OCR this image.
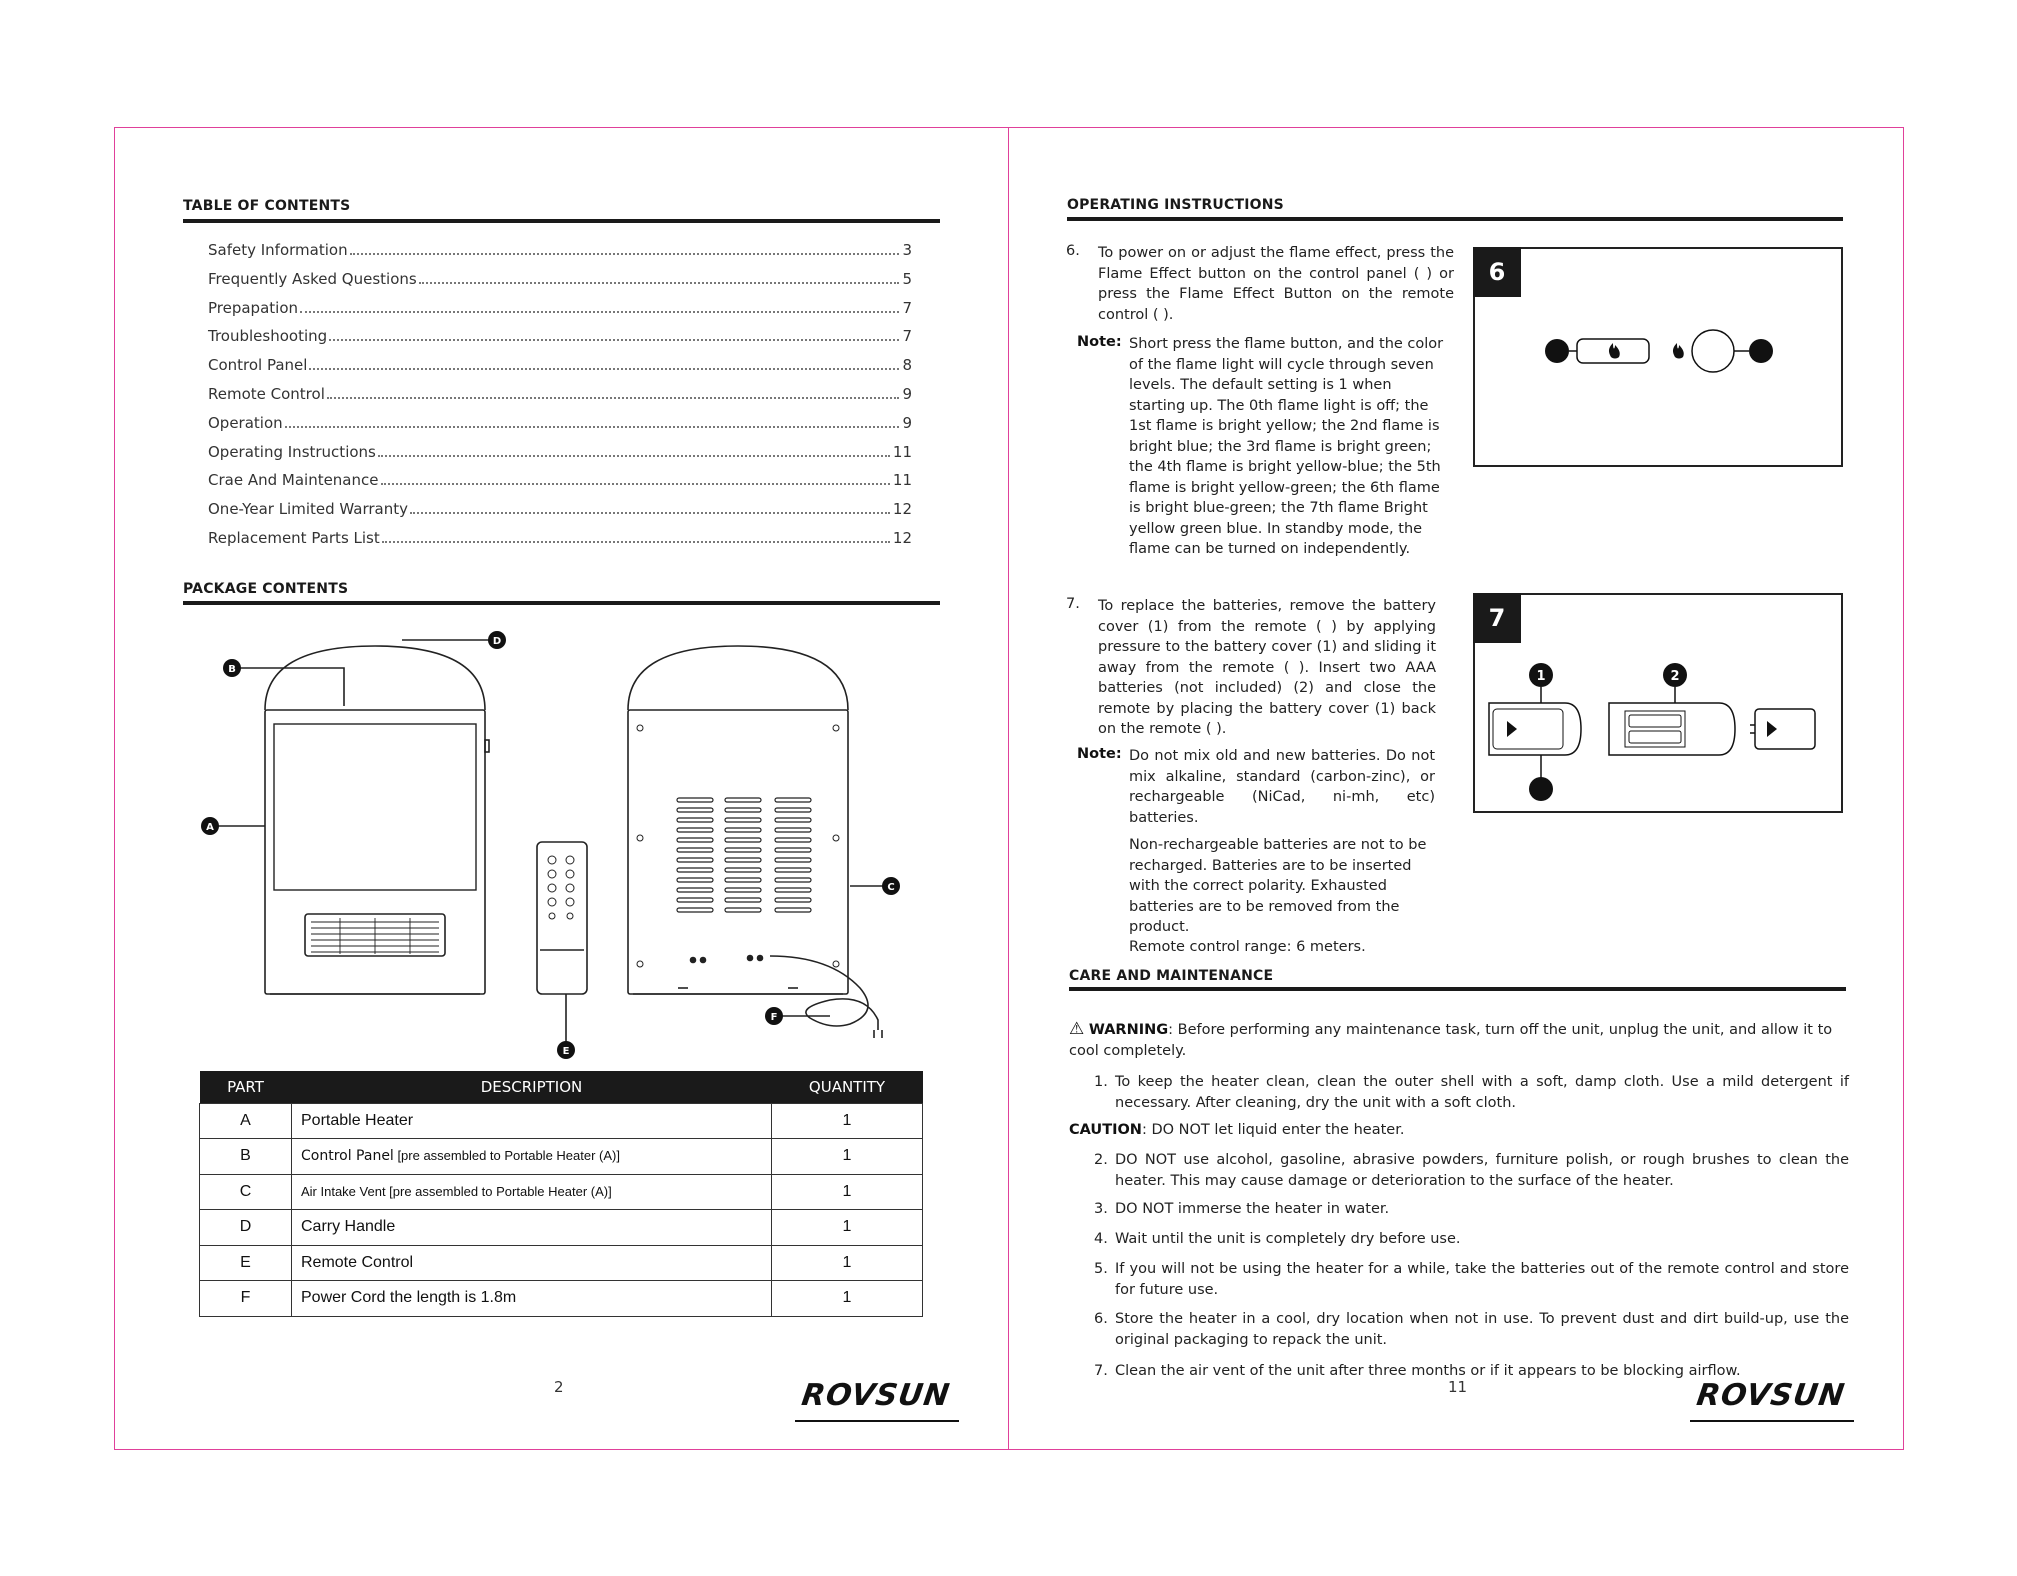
TABLE OF CONTENTS
Safety Information	3
Frequently Asked Questions	5
Prepapation	7
Troubleshooting	7
Control Panel	8
Remote Control	9
Operation	9
Operating Instructions	11
Crae And Maintenance	11
One-Year Limited Warranty	12
Replacement Parts List	12
PACKAGE CONTENTS
B
D
A
C
E
F
PART	DESCRIPTION	QUANTITY
A	Portable Heater	1
B	Control Panel [pre assembled to Portable Heater (A)]	1
C	Air Intake Vent [pre assembled to Portable Heater (A)]	1
D	Carry Handle	1
E	Remote Control	1
F	Power Cord the length is 1.8m	1
2	ROVSUN
OPERATING INSTRUCTIONS
6. To power on or adjust the flame effect, press the Flame Effect button on the control panel ( ) or press the Flame Effect Button on the remote control ( ).
Note: Short press the flame button, and the color of the flame light will cycle through seven levels. The default setting is 1 when starting up. The 0th flame light is off; the 1st flame is bright yellow; the 2nd flame is bright blue; the 3rd flame is bright green; the 4th flame is bright yellow-blue; the 5th flame is bright yellow-green; the 6th flame is bright blue-green; the 7th flame Bright yellow green blue. In standby mode, the flame can be turned on independently.
6
7. To replace the batteries, remove the battery cover (1) from the remote ( ) by applying pressure to the battery cover (1) and sliding it away from the remote ( ). Insert two AAA batteries (not included) (2) and close the remote by placing the battery cover (1) back on the remote ( ).
Note: Do not mix old and new batteries. Do not mix alkaline, standard (carbon-zinc), or rechargeable (NiCad, ni-mh, etc) batteries.
Non-rechargeable batteries are not to be recharged. Batteries are to be inserted with the correct polarity. Exhausted batteries are to be removed from the product.
Remote control range: 6 meters.
7
1	2
CARE AND MAINTENANCE
⚠ WARNING: Before performing any maintenance task, turn off the unit, unplug the unit, and allow it to cool completely.
1. To keep the heater clean, clean the outer shell with a soft, damp cloth. Use a mild detergent if necessary. After cleaning, dry the unit with a soft cloth.
CAUTION: DO NOT let liquid enter the heater.
2. DO NOT use alcohol, gasoline, abrasive powders, furniture polish, or rough brushes to clean the heater. This may cause damage or deterioration to the surface of the heater.
3. DO NOT immerse the heater in water.
4. Wait until the unit is completely dry before use.
5. If you will not be using the heater for a while, take the batteries out of the remote control and store for future use.
6. Store the heater in a cool, dry location when not in use. To prevent dust and dirt build-up, use the original packaging to repack the unit.
7. Clean the air vent of the unit after three months or if it appears to be blocking airflow.
11	ROVSUN
